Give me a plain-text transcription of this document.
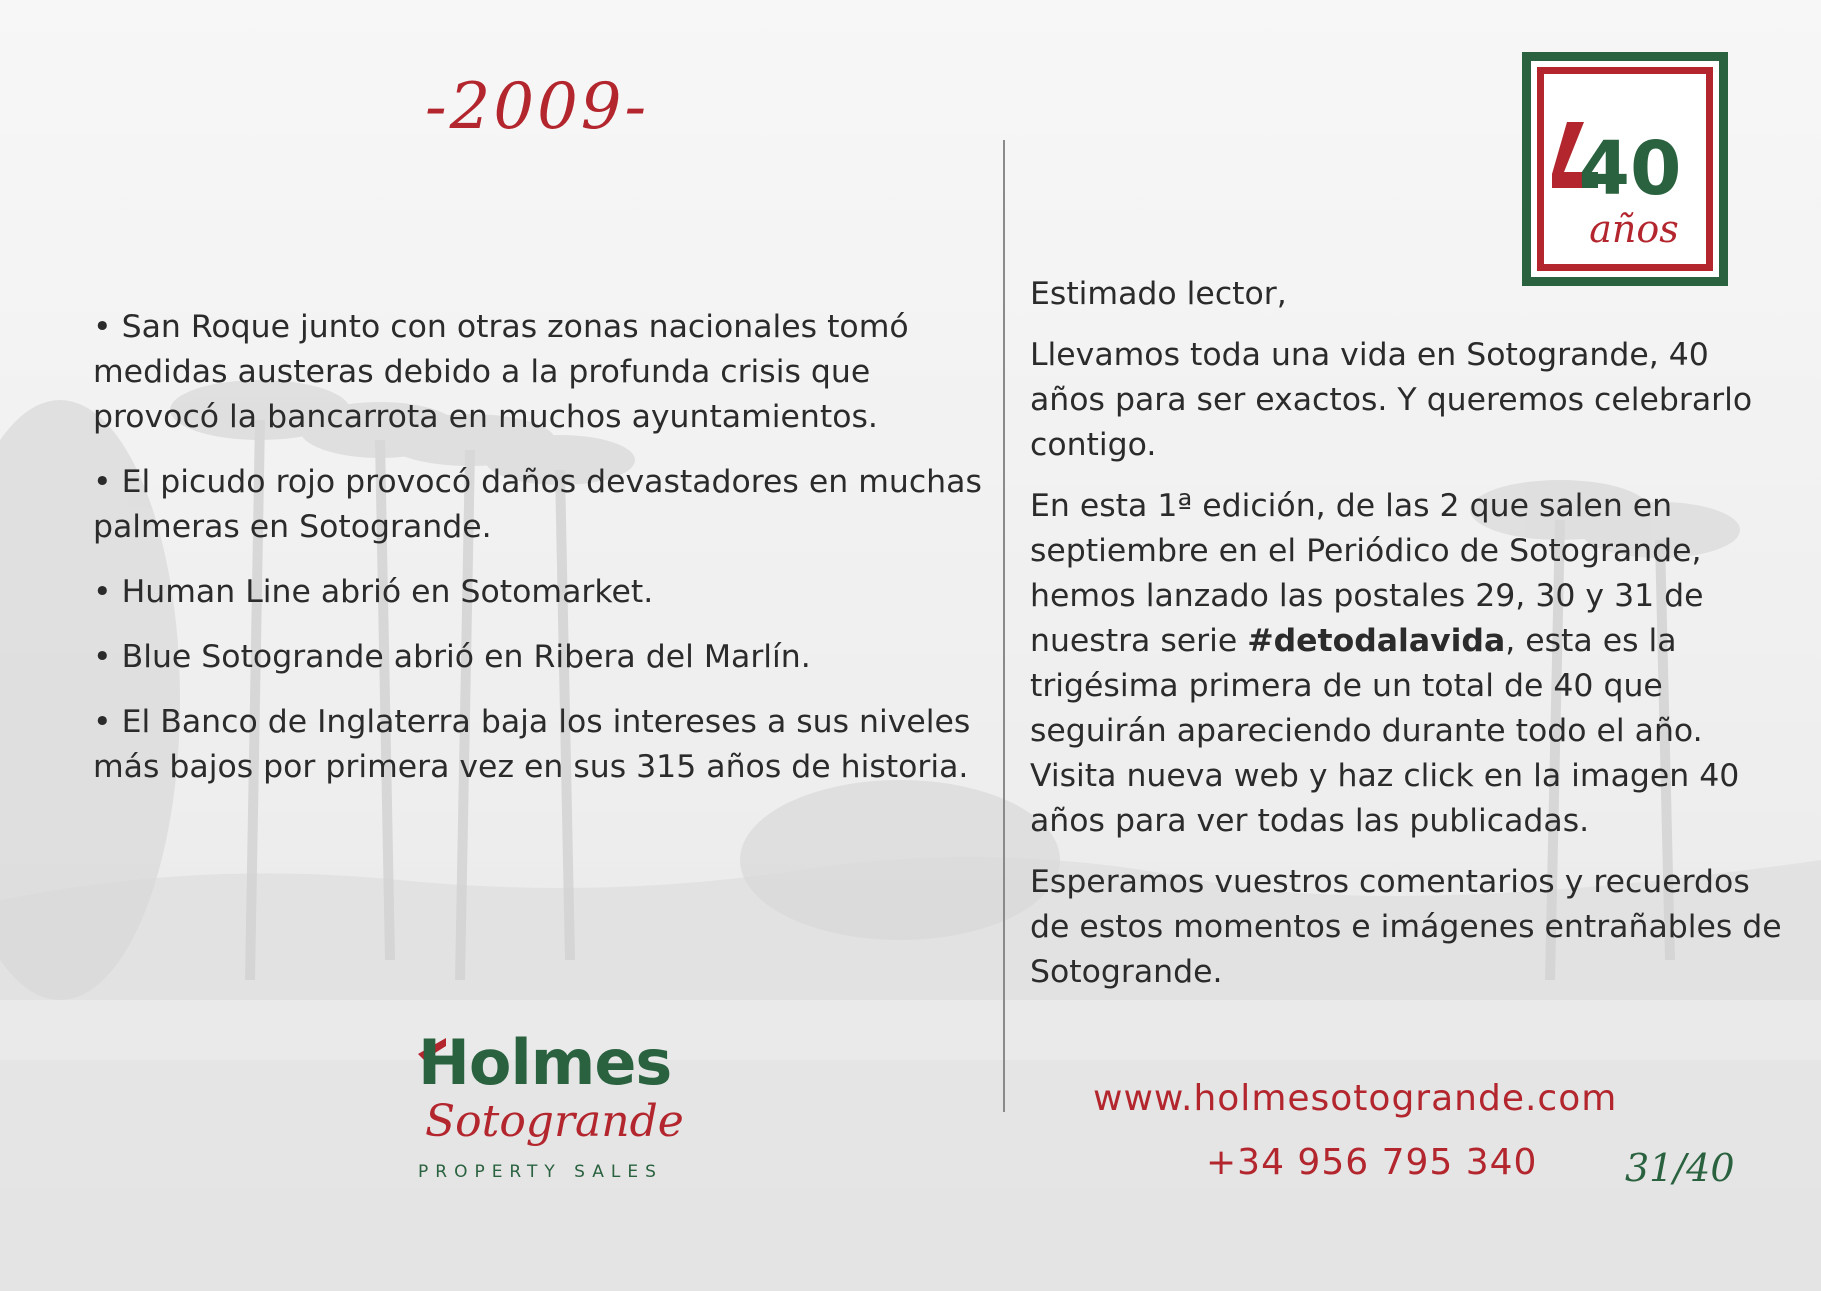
-2009-

• San Roque junto con otras zonas nacionales tomó medidas austeras debido a la profunda crisis que provocó la bancarrota en muchos ayuntamientos.

• El picudo rojo provocó daños devastadores en muchas palmeras en Sotogrande.

• Human Line abrió en Sotomarket.

• Blue Sotogrande abrió en Ribera del Marlín.

• El Banco de Inglaterra baja los intereses a sus niveles más bajos por primera vez en sus 315 años de historia.

Estimado lector,

Llevamos toda una vida en Sotogrande, 40 años para ser exactos. Y queremos celebrarlo contigo.

En esta 1ª edición, de las 2 que salen en septiembre en el Periódico de Sotogrande, hemos lanzado las postales 29, 30 y 31 de nuestra serie #detodalavida, esta es la trigésima primera de un total de 40 que seguirán apareciendo durante todo el año. Visita nueva web y haz click en la imagen 40 años para ver todas las publicadas.

Esperamos vuestros comentarios y recuerdos de estos momentos e imágenes entrañables de Sotogrande.

www.holmesotogrande.com
+34 956 795 340 31/40
40
años
Holmes
Sotogrande
PROPERTY SALES
